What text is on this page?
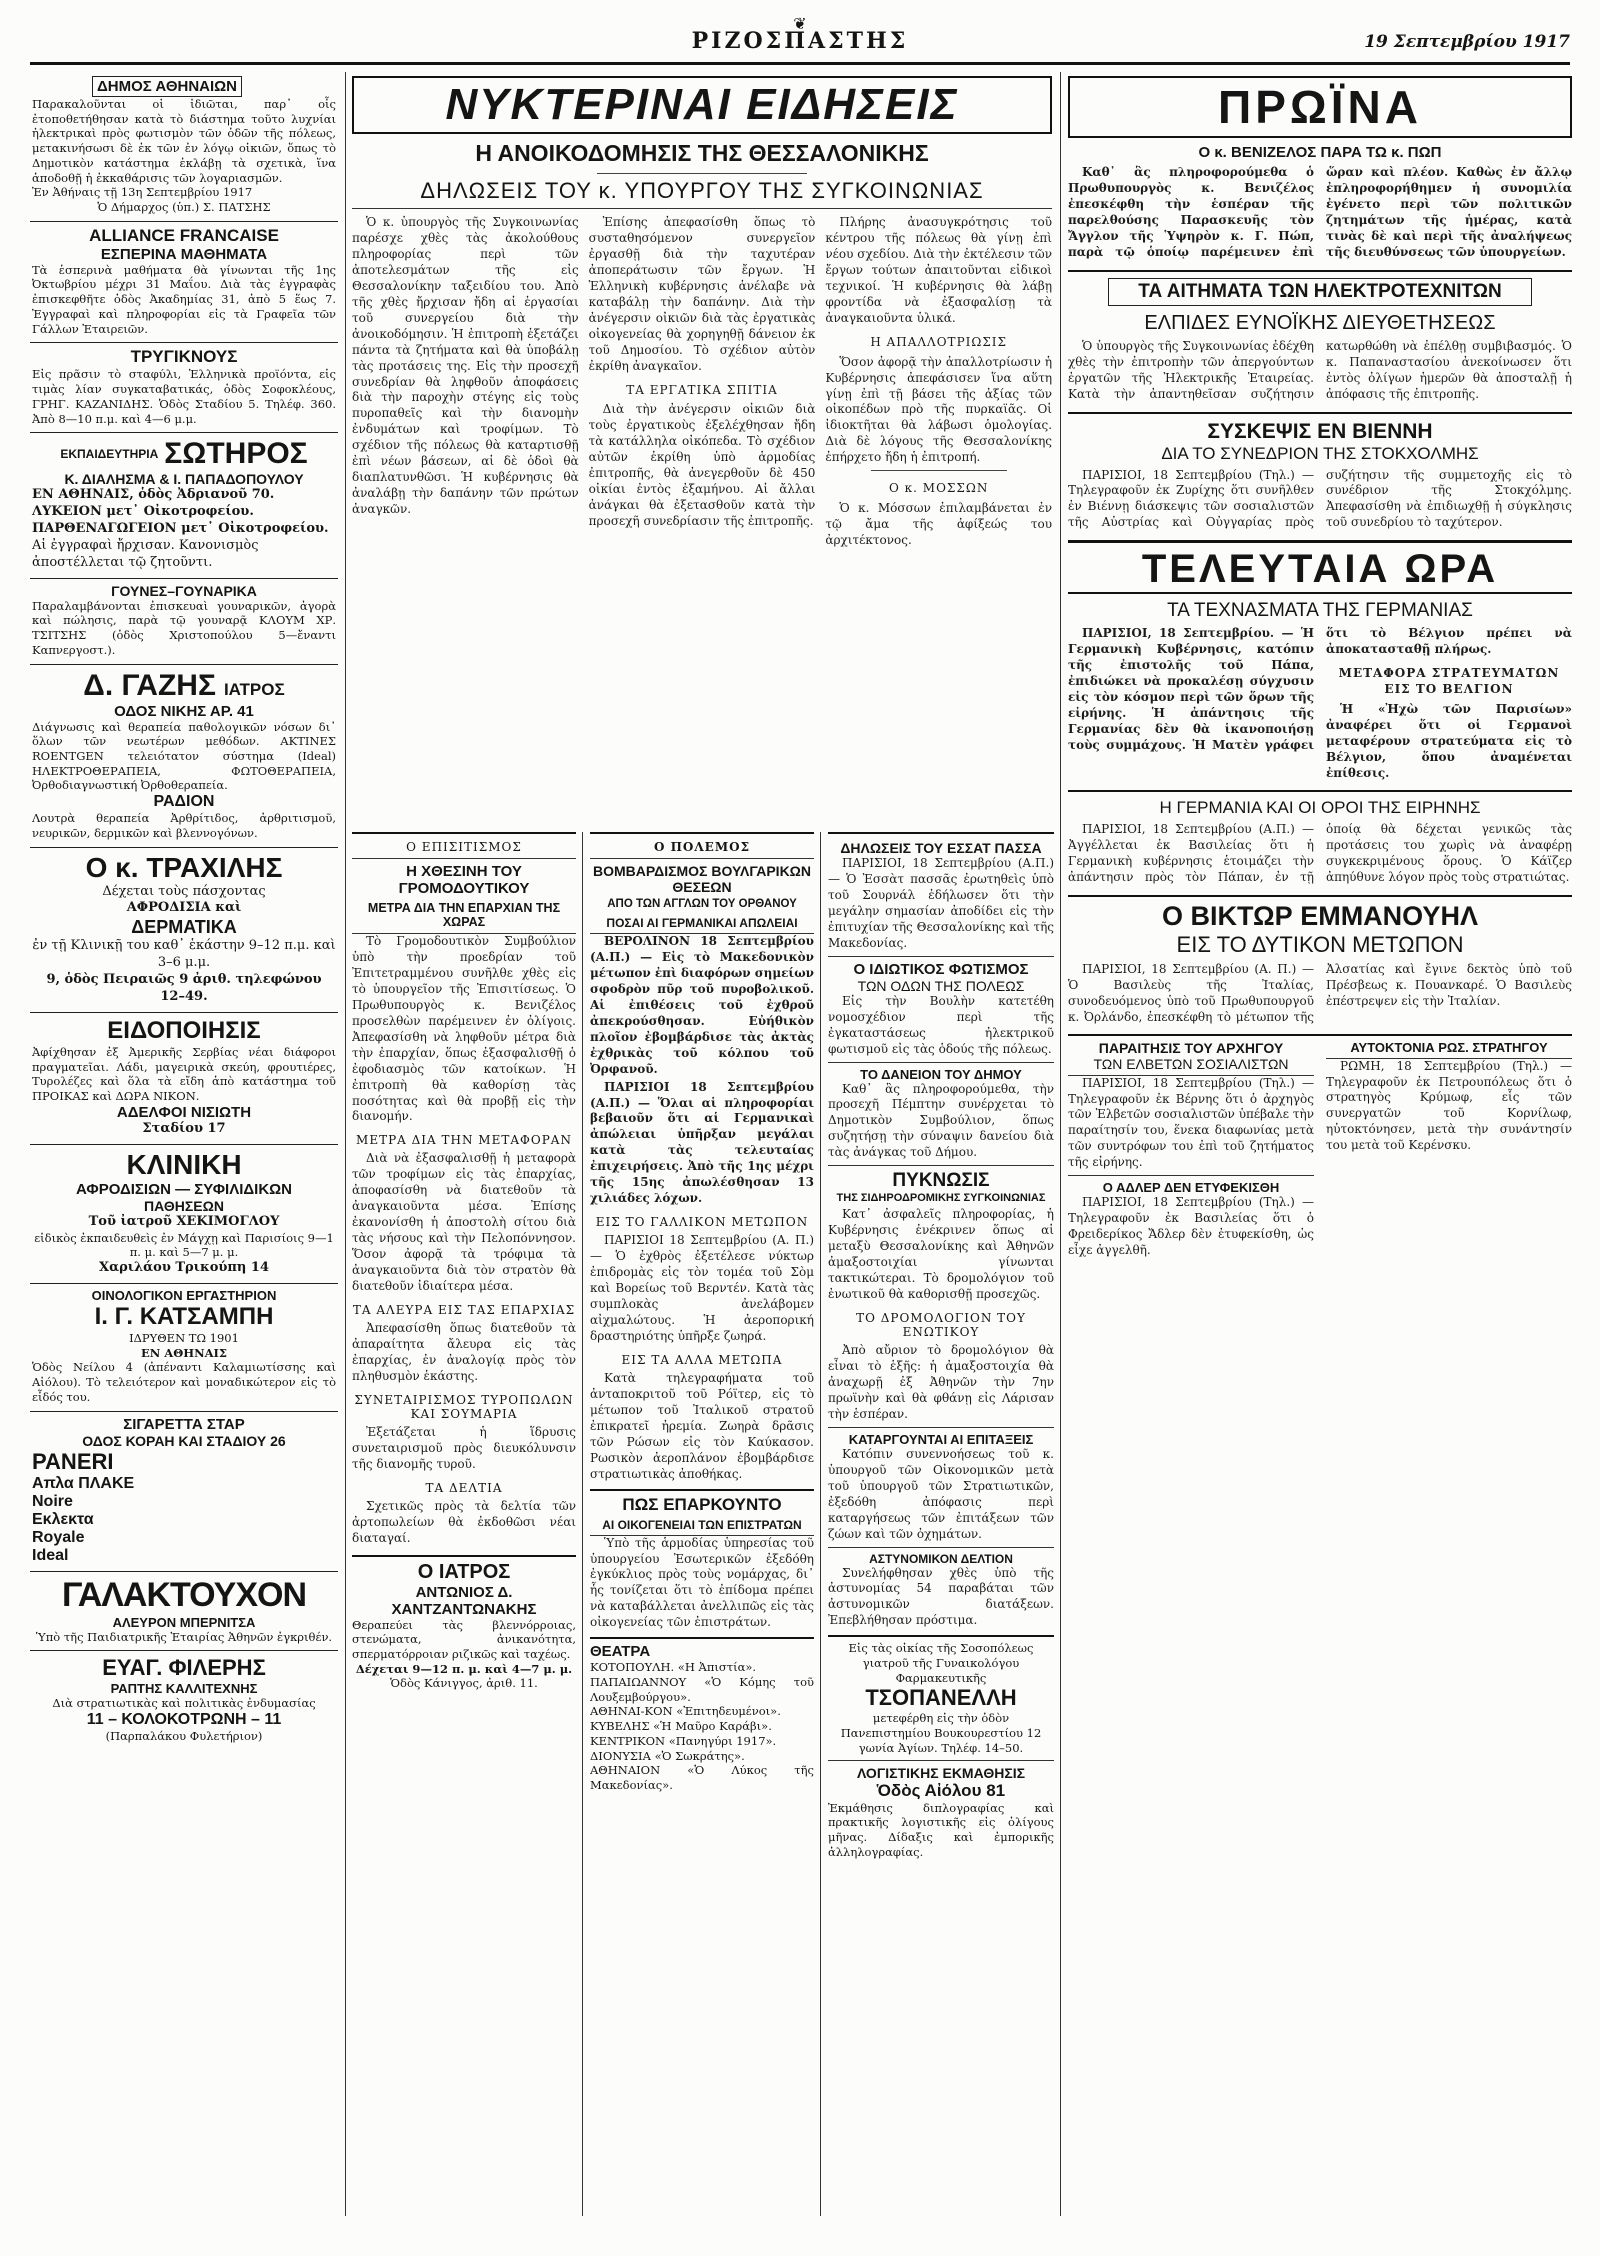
❦
ΡΙΖΟΣΠΑΣΤΗΣ	19 Σεπτεμβρίου 1917
ΔΗΜΟΣ ΑΘΗΝΑΙΩΝ
Παρακαλοῦνται οἱ ἰδιῶται, παρ᾽ οἷς ἐτοποθετήθησαν κατὰ τὸ διάστημα τοῦτο λυχνίαι ἠλεκτρικαὶ πρὸς φωτισμὸν τῶν ὁδῶν τῆς πόλεως, μετακινήσωσι δὲ ἐκ τῶν ἐν λόγῳ οἰκιῶν, ὅπως τὸ Δημοτικὸν κατάστημα ἐκλάβῃ τὰ σχετικὰ, ἵνα ἀποδοθῇ ἡ ἐκκαθάρισις τῶν λογαριασμῶν.
Ἐν Ἀθήναις τῇ 13η Σεπτεμβρίου 1917
Ὁ Δήμαρχος (ὑπ.) Σ. ΠΑΤΣΗΣ
ALLIANCE FRANCAISE
ΕΣΠΕΡΙΝΑ ΜΑΘΗΜΑΤΑ
Τὰ ἑσπερινὰ μαθήματα θὰ γίνωνται τῆς 1ης Ὀκτωβρίου μέχρι 31 Μαΐου. Διὰ τὰς ἐγγραφὰς ἐπισκεφθῆτε ὁδὸς Ἀκαδημίας 31, ἀπὸ 5 ἕως 7. Ἐγγραφαὶ καὶ πληροφορίαι εἰς τὰ Γραφεῖα τῶν Γάλλων Ἑταιρειῶν.
ΤΡΥΓΙΚΝΟΥΣ
Εἰς πρᾶσιν τὸ σταφύλι, Ἑλληνικὰ προϊόντα, εἰς τιμὰς λίαν συγκαταβατικάς, ὁδὸς Σοφοκλέους, ΓΡΗΓ. ΚΑΖΑΝΙΔΗΣ. Ὁδὸς Σταδίου 5. Τηλέφ. 360. Ἀπὸ 8—10 π.μ. καὶ 4—6 μ.μ.
ΕΚΠΑΙΔΕΥΤΗΡΙΑ ΣΩΤΗΡΟΣ
Κ. ΔΙΑΛΗΣΜΑ & Ι. ΠΑΠΑΔΟΠΟΥΛΟΥ
ΕΝ ΑΘΗΝΑΙΣ, ὁδὸς Ἀδριανοῦ 70.
ΛΥΚΕΙΟΝ μετ᾽ Οἰκοτροφείου.
ΠΑΡΘΕΝΑΓΩΓΕΙΟΝ μετ᾽ Οἰκοτροφείου.
Αἱ ἐγγραφαὶ ἤρχισαν. Κανονισμὸς ἀποστέλλεται τῷ ζητοῦντι.
ΓΟΥΝΕΣ–ΓΟΥΝΑΡΙΚΑ
Παραλαμβάνονται ἐπισκευαὶ γουναρικῶν, ἀγορὰ καὶ πώλησις, παρὰ τῷ γουναρᾷ ΚΛΟΥΜ ΧΡ. ΤΣΙΤΣΗΣ (ὁδὸς Χριστοπούλου 5—ἔναντι Καπνεργοστ.).
Δ. ΓΑΖΗΣ ΙΑΤΡΟΣ
ΟΔΟΣ ΝΙΚΗΣ ΑΡ. 41
Διάγνωσις καὶ θεραπεία παθολογικῶν νόσων δι᾽ ὅλων τῶν νεωτέρων μεθόδων. ΑΚΤΙΝΕΣ ROENTGEN τελειότατον σύστημα (Ideal) ΗΛΕΚΤΡΟΘΕΡΑΠΕΙΑ, ΦΩΤΟΘΕΡΑΠΕΙΑ, Ὀρθοδιαγνωστική Ὀρθοθεραπεία.
ΡΑΔΙΟΝ
Λουτρὰ θεραπεία Ἀρθρίτιδος, ἀρθριτισμοῦ, νευρικῶν, δερμικῶν καὶ βλεννογόνων.
Ο κ. ΤΡΑΧΙΛΗΣ
Δέχεται τοὺς πάσχοντας
ΑΦΡΟΔΙΣΙΑ καὶ
ΔΕΡΜΑΤΙΚΑ
ἐν τῇ Κλινικῇ του καθ᾽ ἑκάστην 9–12 π.μ. καὶ 3–6 μ.μ.
9, ὁδὸς Πειραιῶς 9 ἀριθ. τηλεφώνου 12–49.
ΕΙΔΟΠΟΙΗΣΙΣ
Ἀφίχθησαν ἐξ Ἀμερικῆς Σερβίας νέαι διάφοροι πραγματεῖαι. Λάδι, μαγειρικὰ σκεύη, φρουτιέρες, Τυρολέζες καὶ ὅλα τὰ εἴδη ἀπὸ κατάστημα τοῦ ΠΡΟΙΚΑΣ καὶ ΔΩΡΑ ΝΙΚΟΝ.
ΑΔΕΛΦΟΙ ΝΙΣΙΩΤΗ
Σταδίου 17
ΚΛΙΝΙΚΗ
ΑΦΡΟΔΙΣΙΩΝ — ΣΥΦΙΛΙΔΙΚΩΝ
ΠΑΘΗΣΕΩΝ
Τοῦ ἰατροῦ ΧΕΚΙΜΟΓΛΟΥ
εἰδικὸς ἐκπαιδευθεὶς ἐν Μάγχῃ καὶ Παρισίοις 9—1 π. μ. καὶ 5—7 μ. μ.
Χαριλάου Τρικούπη 14
ΟΙΝΟΛΟΓΙΚΟΝ ΕΡΓΑΣΤΗΡΙΟΝ
Ι. Γ. ΚΑΤΣΑΜΠΗ
ΙΔΡΥΘΕΝ ΤΩ 1901
ΕΝ ΑΘΗΝΑΙΣ
Ὁδὸς Νείλου 4 (ἀπέναντι Καλαμιωτίσσης καὶ Αἰόλου). Τὸ τελειότερον καὶ μοναδικώτερον εἰς τὸ εἶδός του.
ΣΙΓΑΡΕΤΤΑ ΣΤΑΡ
ΟΔΟΣ ΚΟΡΑΗ ΚΑΙ ΣΤΑΔΙΟΥ 26
PANERI
Απλα ΠΛΑΚΕ
Noire
Eκλεκτα
Royale
Ideal
ΓΑΛΑΚΤΟΥΧΟΝ
ΑΛΕΥΡΟΝ ΜΠΕΡΝΙΤΣΑ
Ὑπὸ τῆς Παιδιατρικῆς Ἑταιρίας Ἀθηνῶν ἐγκριθέν.
ΕΥΑΓ. ΦΙΛΕΡΗΣ
ΡΑΠΤΗΣ ΚΑΛΛΙΤΕΧΝΗΣ
Διὰ στρατιωτικὰς καὶ πολιτικὰς ἐνδυμασίας
11 – ΚΟΛΟΚΟΤΡΩΝΗ – 11
(Παρπαλάκου Φυλετήριον)
ΝΥΚΤΕΡΙΝΑΙ ΕΙΔΗΣΕΙΣ
Η ΑΝΟΙΚΟΔΟΜΗΣΙΣ ΤΗΣ ΘΕΣΣΑΛΟΝΙΚΗΣ
ΔΗΛΩΣΕΙΣ ΤΟΥ κ. ΥΠΟΥΡΓΟΥ ΤΗΣ ΣΥΓΚΟΙΝΩΝΙΑΣ

Ὁ κ. ὑπουργὸς τῆς Συγκοινωνίας παρέσχε χθὲς τὰς ἀκολούθους πληροφορίας περὶ τῶν ἀποτελεσμάτων τῆς εἰς Θεσσαλονίκην ταξειδίου του. Ἀπὸ τῆς χθὲς ἤρχισαν ἤδη αἱ ἐργασίαι τοῦ συνεργείου διὰ τὴν ἀνοικοδόμησιν. Ἡ ἐπιτροπὴ ἐξετάζει πάντα τὰ ζητήματα καὶ θὰ ὑποβάλῃ τὰς προτάσεις της. Εἰς τὴν προσεχῆ συνεδρίαν θὰ ληφθοῦν ἀποφάσεις διὰ τὴν παροχὴν στέγης εἰς τοὺς πυροπαθεῖς καὶ τὴν διανομὴν ἐνδυμάτων καὶ τροφίμων. Τὸ σχέδιον τῆς πόλεως θὰ καταρτισθῇ ἐπὶ νέων βάσεων, αἱ δὲ ὁδοὶ θὰ διαπλατυνθῶσι. Ἡ κυβέρνησις θὰ ἀναλάβῃ τὴν δαπάνην τῶν πρώτων ἀναγκῶν.

Ἐπίσης ἀπεφασίσθη ὅπως τὸ συσταθησόμενον συνεργεῖον ἐργασθῇ διὰ τὴν ταχυτέραν ἀποπεράτωσιν τῶν ἔργων. Ἡ Ἑλληνικὴ κυβέρνησις ἀνέλαβε νὰ καταβάλῃ τὴν δαπάνην. Διὰ τὴν ἀνέγερσιν οἰκιῶν διὰ τὰς ἐργατικὰς οἰκογενείας θὰ χορηγηθῇ δάνειον ἐκ τοῦ Δημοσίου. Τὸ σχέδιον αὐτὸν ἐκρίθη ἀναγκαῖον.

ΤΑ ΕΡΓΑΤΙΚΑ ΣΠΙΤΙΑ

Διὰ τὴν ἀνέγερσιν οἰκιῶν διὰ τοὺς ἐργατικοὺς ἐξελέχθησαν ἤδη τὰ κατάλληλα οἰκόπεδα. Τὸ σχέδιον αὐτῶν ἐκρίθη ὑπὸ ἁρμοδίας ἐπιτροπῆς, θὰ ἀνεγερθοῦν δὲ 450 οἰκίαι ἐντὸς ἐξαμήνου. Αἱ ἄλλαι ἀνάγκαι θὰ ἐξετασθοῦν κατὰ τὴν προσεχῆ συνεδρίασιν τῆς ἐπιτροπῆς.

Πλήρης ἀνασυγκρότησις τοῦ κέντρου τῆς πόλεως θὰ γίνῃ ἐπὶ νέου σχεδίου. Διὰ τὴν ἐκτέλεσιν τῶν ἔργων τούτων ἀπαιτοῦνται εἰδικοὶ τεχνικοί. Ἡ κυβέρνησις θὰ λάβῃ φροντίδα νὰ ἐξασφαλίσῃ τὰ ἀναγκαιοῦντα ὑλικά.

Η ΑΠΑΛΛΟΤΡΙΩΣΙΣ

Ὅσον ἀφορᾷ τὴν ἀπαλλοτρίωσιν ἡ Κυβέρνησις ἀπεφάσισεν ἵνα αὕτη γίνῃ ἐπὶ τῇ βάσει τῆς ἀξίας τῶν οἰκοπέδων πρὸ τῆς πυρκαϊᾶς. Οἱ ἰδιοκτῆται θὰ λάβωσι ὁμολογίας. Διὰ δὲ λόγους τῆς Θεσσαλονίκης ἐπήρχετο ἤδη ἡ ἐπιτροπή.

Ο κ. ΜΟΣΣΩΝ

Ὁ κ. Μόσσων ἐπιλαμβάνεται ἐν τῷ ἄμα τῆς ἀφίξεώς του ἀρχιτέκτονος.

Ο ΕΠΙΣΙΤΙΣΜΟΣ
Η ΧΘΕΣΙΝΗ ΤΟΥ ΓΡΟΜΟΔΟΥΤΙΚΟΥ
ΜΕΤΡΑ ΔΙΑ ΤΗΝ ΕΠΑΡΧΙΑΝ ΤΗΣ ΧΩΡΑΣ

Τὸ Γρομοδουτικὸν Συμβούλιον ὑπὸ τὴν προεδρίαν τοῦ Ἐπιτετραμμένου συνῆλθε χθὲς εἰς τὸ ὑπουργεῖον τῆς Ἐπισιτίσεως. Ὁ Πρωθυπουργὸς κ. Βενιζέλος προσελθὼν παρέμεινεν ἐν ὀλίγοις. Ἀπεφασίσθη νὰ ληφθοῦν μέτρα διὰ τὴν ἐπαρχίαν, ὅπως ἐξασφαλισθῇ ὁ ἐφοδιασμὸς τῶν κατοίκων. Ἡ ἐπιτροπὴ θὰ καθορίσῃ τὰς ποσότητας καὶ θὰ προβῇ εἰς τὴν διανομήν.

ΜΕΤΡΑ ΔΙΑ ΤΗΝ ΜΕΤΑΦΟΡΑΝ

Διὰ νὰ ἐξασφαλισθῇ ἡ μεταφορὰ τῶν τροφίμων εἰς τὰς ἐπαρχίας, ἀποφασίσθη νὰ διατεθοῦν τὰ ἀναγκαιοῦντα μέσα. Ἐπίσης ἐκανονίσθη ἡ ἀποστολὴ σίτου διὰ τὰς νήσους καὶ τὴν Πελοπόννησον. Ὅσον ἀφορᾷ τὰ τρόφιμα τὰ ἀναγκαιοῦντα διὰ τὸν στρατὸν θὰ διατεθοῦν ἰδιαίτερα μέσα.

ΤΑ ΑΛΕΥΡΑ ΕΙΣ ΤΑΣ ΕΠΑΡΧΙΑΣ

Ἀπεφασίσθη ὅπως διατεθοῦν τὰ ἀπαραίτητα ἄλευρα εἰς τὰς ἐπαρχίας, ἐν ἀναλογίᾳ πρὸς τὸν πληθυσμὸν ἑκάστης.

ΣΥΝΕΤΑΙΡΙΣΜΟΣ ΤΥΡΟΠΩΛΩΝ
ΚΑΙ ΣΟΥΜΑΡΙΑ

Ἐξετάζεται ἡ ἵδρυσις συνεταιρισμοῦ πρὸς διευκόλυνσιν τῆς διανομῆς τυροῦ.

ΤΑ ΔΕΛΤΙΑ

Σχετικῶς πρὸς τὰ δελτία τῶν ἀρτοπωλείων θὰ ἐκδοθῶσι νέαι διαταγαί.

Ο ΙΑΤΡΟΣ
ΑΝΤΩΝΙΟΣ Δ. ΧΑΝΤΖΑΝΤΩΝΑΚΗΣ
Θεραπεύει τὰς βλεννόρροιας, στενώματα, ἀνικανότητα, σπερματόρροιαν ριζικῶς καὶ ταχέως.
Δέχεται 9—12 π. μ. καὶ 4—7 μ. μ.
Ὁδὸς Κάνιγγος, ἀριθ. 11.
Ο ΠΟΛΕΜΟΣ
ΒΟΜΒΑΡΔΙΣΜΟΣ ΒΟΥΛΓΑΡΙΚΩΝ ΘΕΣΕΩΝ
ΑΠΟ ΤΩΝ ΑΓΓΛΩΝ ΤΟΥ ΟΡΘΑΝΟΥ
ΠΟΣΑΙ ΑΙ ΓΕΡΜΑΝΙΚΑΙ ΑΠΩΛΕΙΑΙ

ΒΕΡΟΛΙΝΟΝ 18 Σεπτεμβρίου (Α.Π.) — Εἰς τὸ Μακεδονικὸν μέτωπον ἐπὶ διαφόρων σημείων σφοδρὸν πῦρ τοῦ πυροβολικοῦ. Αἱ ἐπιθέσεις τοῦ ἐχθροῦ ἀπεκρούσθησαν. Εὐήθικὸν πλοῖον ἐβομβάρδισε τὰς ἀκτὰς ἐχθρικὰς τοῦ κόλπου τοῦ Ὀρφανοῦ.

ΠΑΡΙΣΙΟΙ 18 Σεπτεμβρίου (Α.Π.) — Ὅλαι αἱ πληροφορίαι βεβαιοῦν ὅτι αἱ Γερμανικαὶ ἀπώλειαι ὑπῆρξαν μεγάλαι κατὰ τὰς τελευταίας ἐπιχειρήσεις. Ἀπὸ τῆς 1ης μέχρι τῆς 15ης ἀπωλέσθησαν 13 χιλιάδες λόχων.

ΕΙΣ ΤΟ ΓΑΛΛΙΚΟΝ ΜΕΤΩΠΟΝ

ΠΑΡΙΣΙΟΙ 18 Σεπτεμβρίου (Α. Π.) — Ὁ ἐχθρὸς ἐξετέλεσε νύκτωρ ἐπιδρομὰς εἰς τὸν τομέα τοῦ Σὸμ καὶ Βορείως τοῦ Βερντέν. Κατὰ τὰς συμπλοκὰς ἀνελάβομεν αἰχμαλώτους. Ἡ ἀεροπορική δραστηριότης ὑπῆρξε ζωηρά.

ΕΙΣ ΤΑ ΑΛΛΑ ΜΕΤΩΠΑ

Κατὰ τηλεγραφήματα τοῦ ἀνταποκριτοῦ τοῦ Ρόϊτερ, εἰς τὸ μέτωπον τοῦ Ἰταλικοῦ στρατοῦ ἐπικρατεῖ ἠρεμία. Ζωηρὰ δρᾶσις τῶν Ρώσων εἰς τὸν Καύκασον. Ρωσικὸν ἀεροπλάνον ἐβομβάρδισε στρατιωτικὰς ἀποθήκας.

ΠΩΣ ΕΠΑΡΚΟΥΝΤΟ
ΑΙ ΟΙΚΟΓΕΝΕΙΑΙ ΤΩΝ ΕΠΙΣΤΡΑΤΩΝ

Ὑπὸ τῆς ἁρμοδίας ὑπηρεσίας τοῦ ὑπουργείου Ἐσωτερικῶν ἐξεδόθη ἐγκύκλιος πρὸς τοὺς νομάρχας, δι᾽ ἧς τονίζεται ὅτι τὸ ἐπίδομα πρέπει νὰ καταβάλλεται ἀνελλιπῶς εἰς τὰς οἰκογενείας τῶν ἐπιστράτων.

ΘΕΑΤΡΑ
ΚΟΤΟΠΟΥΛΗ. «Η Ἀπιστία».
ΠΑΠΑΙΩΑΝΝΟΥ «Ὁ Κόμης τοῦ Λουξεμβούργου».
ΑΘΗΝΑΙ-ΚΟΝ «Ἐπιτηδευμένοι».
ΚΥΒΕΛΗΣ «Ἡ Μαῦρο Καράβι».
ΚΕΝΤΡΙΚΟΝ «Πανηγύρι 1917».
ΔΙΟΝΥΣΙΑ «Ὁ Σωκράτης».
ΑΘΗΝΑΙΟΝ «Ὁ Λύκος τῆς Μακεδονίας».
ΔΗΛΩΣΕΙΣ ΤΟΥ ΕΣΣΑΤ ΠΑΣΣΑ

ΠΑΡΙΣΙΟΙ, 18 Σεπτεμβρίου (Α.Π.) — Ὁ Ἐσσὰτ πασσᾶς ἐρωτηθεὶς ὑπὸ τοῦ Σουρνάλ ἐδήλωσεν ὅτι τὴν μεγάλην σημασίαν ἀποδίδει εἰς τὴν ἐπιτυχίαν τῆς Θεσσαλονίκης καὶ τῆς Μακεδονίας.

Ο ΙΔΙΩΤΙΚΟΣ ΦΩΤΙΣΜΟΣ
ΤΩΝ ΟΔΩΝ ΤΗΣ ΠΟΛΕΩΣ

Εἰς τὴν Βουλὴν κατετέθη νομοσχέδιον περὶ τῆς ἐγκαταστάσεως ἠλεκτρικοῦ φωτισμοῦ εἰς τὰς ὁδούς τῆς πόλεως.

ΤΟ ΔΑΝΕΙΟΝ ΤΟΥ ΔΗΜΟΥ

Καθ᾽ ἃς πληροφορούμεθα, τὴν προσεχῆ Πέμπτην συνέρχεται τὸ Δημοτικὸν Συμβούλιον, ὅπως συζητήσῃ τὴν σύναψιν δανείου διὰ τὰς ἀνάγκας τοῦ Δήμου.

ΠΥΚΝΩΣΙΣ
ΤΗΣ ΣΙΔΗΡΟΔΡΟΜΙΚΗΣ ΣΥΓΚΟΙΝΩΝΙΑΣ

Κατ᾽ ἀσφαλεῖς πληροφορίας, ἡ Κυβέρνησις ἐνέκρινεν ὅπως αἱ μεταξὺ Θεσσαλονίκης καὶ Ἀθηνῶν ἀμαξοστοιχίαι γίνωνται τακτικώτεραι. Τὸ δρομολόγιον τοῦ ἐνωτικοῦ θὰ καθορισθῇ προσεχῶς.

ΤΟ ΔΡΟΜΟΛΟΓΙΟΝ ΤΟΥ ΕΝΩΤΙΚΟΥ

Ἀπὸ αὔριον τὸ δρομολόγιον θὰ εἶναι τὸ ἑξῆς: ἡ ἀμαξοστοιχία θὰ ἀναχωρῇ ἐξ Ἀθηνῶν τὴν 7ην πρωϊνὴν καὶ θὰ φθάνῃ εἰς Λάρισαν τὴν ἑσπέραν.

ΚΑΤΑΡΓΟΥΝΤΑΙ ΑΙ ΕΠΙΤΑΞΕΙΣ

Κατόπιν συνεννοήσεως τοῦ κ. ὑπουργοῦ τῶν Οἰκονομικῶν μετὰ τοῦ ὑπουργοῦ τῶν Στρατιωτικῶν, ἐξεδόθη ἀπόφασις περὶ καταργήσεως τῶν ἐπιτάξεων τῶν ζώων καὶ τῶν ὀχημάτων.

ΑΣΤΥΝΟΜΙΚΟΝ ΔΕΛΤΙΟΝ

Συνελήφθησαν χθὲς ὑπὸ τῆς ἀστυνομίας 54 παραβάται τῶν ἀστυνομικῶν διατάξεων. Ἐπεβλήθησαν πρόστιμα.

Εἰς τὰς οἰκίας τῆς Σοσοπόλεως γιατροῦ τῆς Γυναικολόγου Φαρμακευτικῆς
ΤΣΟΠΑΝΕΛΛΗ
μετεφέρθη εἰς τὴν ὁδὸν Πανεπιστημίου Βουκουρεστίου 12 γωνία Ἀγίων. Τηλέφ. 14–50.
ΛΟΓΙΣΤΙΚΗΣ ΕΚΜΑΘΗΣΙΣ
Ὁδὸς Αἰόλου 81
Ἐκμάθησις διπλογραφίας καὶ πρακτικῆς λογιστικῆς εἰς ὀλίγους μῆνας. Δίδαξις καὶ ἐμπορικῆς ἀλληλογραφίας.
ΠΡΩΪΝΑ
Ο κ. ΒΕΝΙΖΕΛΟΣ ΠΑΡΑ ΤΩ κ. ΠΩΠ

Καθ᾽ ἃς πληροφορούμεθα ὁ Πρωθυπουργὸς κ. Βενιζέλος ἐπεσκέφθη τὴν ἑσπέραν τῆς παρελθούσης Παρασκευῆς τὸν Ἄγγλον τῆς Ὑψηρὸν κ. Γ. Πώπ, παρὰ τῷ ὁποίῳ παρέμεινεν ἐπὶ ὥραν καὶ πλέον. Καθὼς ἐν ἄλλῳ ἐπληροφορήθημεν ἡ συνομιλία ἐγένετο περὶ τῶν πολιτικῶν ζητημάτων τῆς ἡμέρας, κατὰ τινὰς δὲ καὶ περὶ τῆς ἀναλήψεως τῆς διευθύνσεως τῶν ὑπουργείων.

ΤΑ ΑΙΤΗΜΑΤΑ ΤΩΝ ΗΛΕΚΤΡΟΤΕΧΝΙΤΩΝ
ΕΛΠΙΔΕΣ ΕΥΝΟΪΚΗΣ ΔΙΕΥΘΕΤΗΣΕΩΣ

Ὁ ὑπουργὸς τῆς Συγκοινωνίας ἐδέχθη χθὲς τὴν ἐπιτροπὴν τῶν ἀπεργούντων ἐργατῶν τῆς Ἠλεκτρικῆς Ἑταιρείας. Κατὰ τὴν ἀπαντηθεῖσαν συζήτησιν κατωρθώθη νὰ ἐπέλθῃ συμβιβασμός. Ὁ κ. Παπαναστασίου ἀνεκοίνωσεν ὅτι ἐντὸς ὀλίγων ἡμερῶν θὰ ἀποσταλῇ ἡ ἀπόφασις τῆς ἐπιτροπῆς.

ΣΥΣΚΕΨΙΣ ΕΝ ΒΙΕΝΝΗ
ΔΙΑ ΤΟ ΣΥΝΕΔΡΙΟΝ ΤΗΣ ΣΤΟΚΧΟΛΜΗΣ

ΠΑΡΙΣΙΟΙ, 18 Σεπτεμβρίου (Τηλ.) — Τηλεγραφοῦν ἐκ Ζυρίχης ὅτι συνῆλθεν ἐν Βιέννῃ διάσκεψις τῶν σοσιαλιστῶν τῆς Αὐστρίας καὶ Οὐγγαρίας πρὸς συζήτησιν τῆς συμμετοχῆς εἰς τὸ συνέδριον τῆς Στοκχόλμης. Ἀπεφασίσθη νὰ ἐπιδιωχθῇ ἡ σύγκλησις τοῦ συνεδρίου τὸ ταχύτερον.

ΤΕΛΕΥΤΑΙΑ ΩΡΑ
ΤΑ ΤΕΧΝΑΣΜΑΤΑ ΤΗΣ ΓΕΡΜΑΝΙΑΣ

ΠΑΡΙΣΙΟΙ, 18 Σεπτεμβρίου. — Ἡ Γερμανικὴ Κυβέρνησις, κατόπιν τῆς ἐπιστολῆς τοῦ Πάπα, ἐπιδιώκει νὰ προκαλέσῃ σύγχυσιν εἰς τὸν κόσμον περὶ τῶν ὅρων τῆς εἰρήνης. Ἡ ἀπάντησις τῆς Γερμανίας δὲν θὰ ἱκανοποιήσῃ τοὺς συμμάχους. Ἡ Ματὲν γράφει ὅτι τὸ Βέλγιον πρέπει νὰ ἀποκατασταθῇ πλήρως.

ΜΕΤΑΦΟΡΑ ΣΤΡΑΤΕΥΜΑΤΩΝ ΕΙΣ ΤΟ ΒΕΛΓΙΟΝ

Ἡ «Ἠχὼ τῶν Παρισίων» ἀναφέρει ὅτι οἱ Γερμανοὶ μεταφέρουν στρατεύματα εἰς τὸ Βέλγιον, ὅπου ἀναμένεται ἐπίθεσις.

Η ΓΕΡΜΑΝΙΑ ΚΑΙ ΟΙ ΟΡΟΙ ΤΗΣ ΕΙΡΗΝΗΣ

ΠΑΡΙΣΙΟΙ, 18 Σεπτεμβρίου (Α.Π.) — Ἀγγέλλεται ἐκ Βασιλείας ὅτι ἡ Γερμανικὴ κυβέρνησις ἑτοιμάζει τὴν ἀπάντησιν πρὸς τὸν Πάπαν, ἐν τῇ ὁποίᾳ θὰ δέχεται γενικῶς τὰς προτάσεις του χωρὶς νὰ ἀναφέρῃ συγκεκριμένους ὅρους. Ὁ Κάϊζερ ἀπηύθυνε λόγον πρὸς τοὺς στρατιώτας.

Ο ΒΙΚΤΩΡ ΕΜΜΑΝΟΥΗΛ
ΕΙΣ ΤΟ ΔΥΤΙΚΟΝ ΜΕΤΩΠΟΝ

ΠΑΡΙΣΙΟΙ, 18 Σεπτεμβρίου (Α. Π.) — Ὁ Βασιλεὺς τῆς Ἰταλίας, συνοδευόμενος ὑπὸ τοῦ Πρωθυπουργοῦ κ. Ὀρλάνδο, ἐπεσκέφθη τὸ μέτωπον τῆς Ἀλσατίας καὶ ἔγινε δεκτὸς ὑπὸ τοῦ Πρέσβεως κ. Πουανκαρέ. Ὁ Βασιλεὺς ἐπέστρεψεν εἰς τὴν Ἰταλίαν.

ΠΑΡΑΙΤΗΣΙΣ ΤΟΥ ΑΡΧΗΓΟΥ
ΤΩΝ ΕΛΒΕΤΩΝ ΣΟΣΙΑΛΙΣΤΩΝ

ΠΑΡΙΣΙΟΙ, 18 Σεπτεμβρίου (Τηλ.) — Τηλεγραφοῦν ἐκ Βέρνης ὅτι ὁ ἀρχηγὸς τῶν Ἐλβετῶν σοσιαλιστῶν ὑπέβαλε τὴν παραίτησίν του, ἕνεκα διαφωνίας μετὰ τῶν συντρόφων του ἐπὶ τοῦ ζητήματος τῆς εἰρήνης.

Ο ΑΔΛΕΡ ΔΕΝ ΕΤΥΦΕΚΙΣΘΗ

ΠΑΡΙΣΙΟΙ, 18 Σεπτεμβρίου (Τηλ.) — Τηλεγραφοῦν ἐκ Βασιλείας ὅτι ὁ Φρειδερίκος Ἄδλερ δὲν ἐτυφεκίσθη, ὡς εἶχε ἀγγελθῆ.

ΑΥΤΟΚΤΟΝΙΑ ΡΩΣ. ΣΤΡΑΤΗΓΟΥ

ΡΩΜΗ, 18 Σεπτεμβρίου (Τηλ.) — Τηλεγραφοῦν ἐκ Πετρουπόλεως ὅτι ὁ στρατηγὸς Κρύμωφ, εἷς τῶν συνεργατῶν τοῦ Κορνίλωφ, ηὐτοκτόνησεν, μετὰ τὴν συνάντησίν του μετὰ τοῦ Κερένσκυ.
